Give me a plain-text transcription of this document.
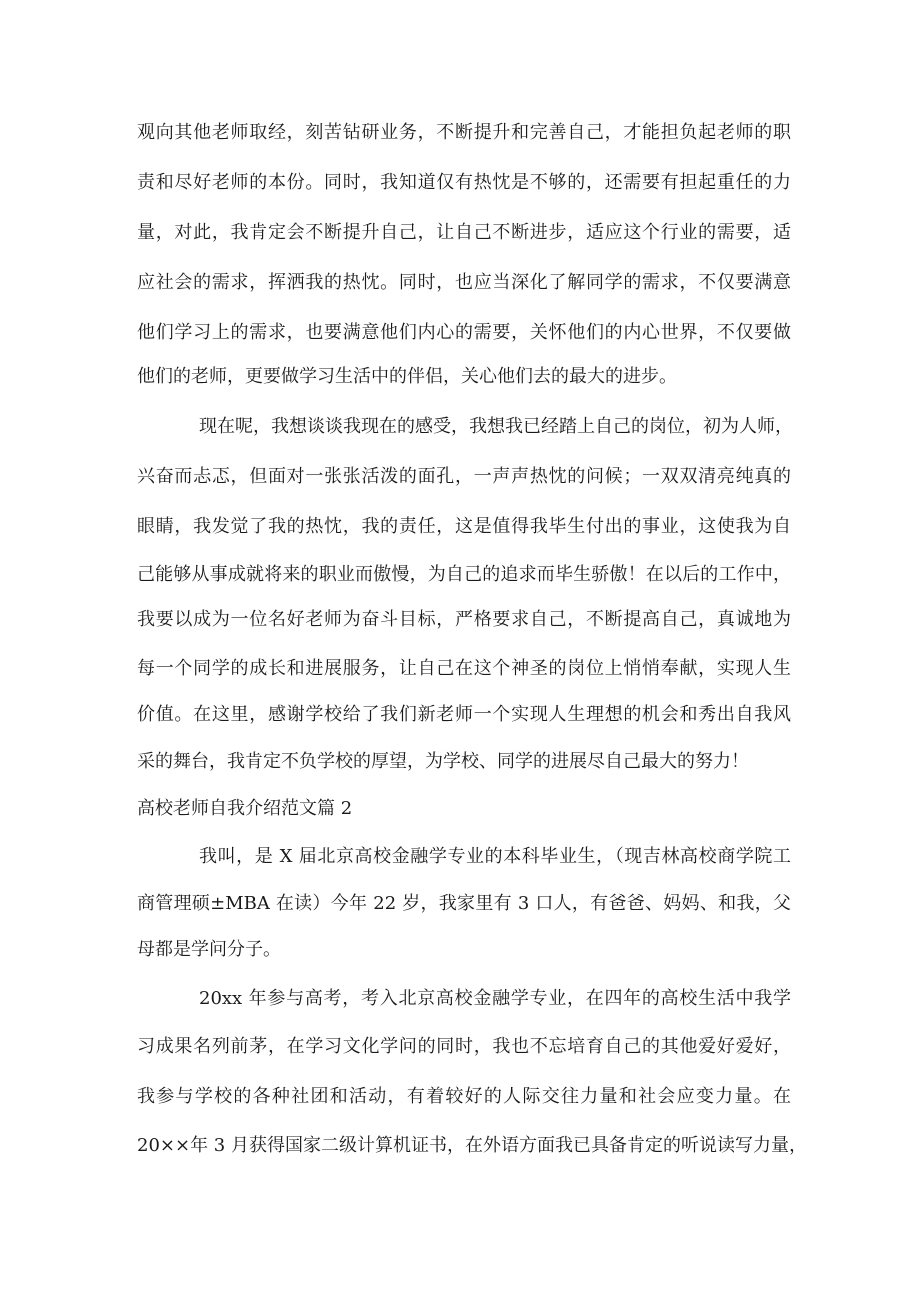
观向其他老师取经，刻苦钻研业务，不断提升和完善自己，才能担负起老师的职
责和尽好老师的本份。同时，我知道仅有热忱是不够的，还需要有担起重任的力
量，对此，我肯定会不断提升自己，让自己不断进步，适应这个行业的需要，适
应社会的需求，挥洒我的热忱。同时，也应当深化了解同学的需求，不仅要满意
他们学习上的需求，也要满意他们内心的需要，关怀他们的内心世界，不仅要做
他们的老师，更要做学习生活中的伴侣，关心他们去的最大的进步。
现在呢，我想谈谈我现在的感受，我想我已经踏上自己的岗位，初为人师，
兴奋而忐忑，但面对一张张活泼的面孔，一声声热忱的问候；一双双清亮纯真的
眼睛，我发觉了我的热忱，我的责任，这是值得我毕生付出的事业，这使我为自
己能够从事成就将来的职业而傲慢，为自己的追求而毕生骄傲！在以后的工作中，
我要以成为一位名好老师为奋斗目标，严格要求自己，不断提高自己，真诚地为
每一个同学的成长和进展服务，让自己在这个神圣的岗位上悄悄奉献，实现人生
价值。在这里，感谢学校给了我们新老师一个实现人生理想的机会和秀出自我风
采的舞台，我肯定不负学校的厚望，为学校、同学的进展尽自己最大的努力！
高校老师自我介绍范文篇 2
我叫，是 X 届北京高校金融学专业的本科毕业生，（现吉林高校商学院工
商管理硕±MBA 在读）今年 22 岁，我家里有 3 口人，有爸爸、妈妈、和我，父
母都是学问分子。
20xx 年参与高考，考入北京高校金融学专业，在四年的高校生活中我学
习成果名列前茅，在学习文化学问的同时，我也不忘培育自己的其他爱好爱好，
我参与学校的各种社团和活动，有着较好的人际交往力量和社会应变力量。在
20××年 3 月获得国家二级计算机证书，在外语方面我已具备肯定的听说读写力量，
